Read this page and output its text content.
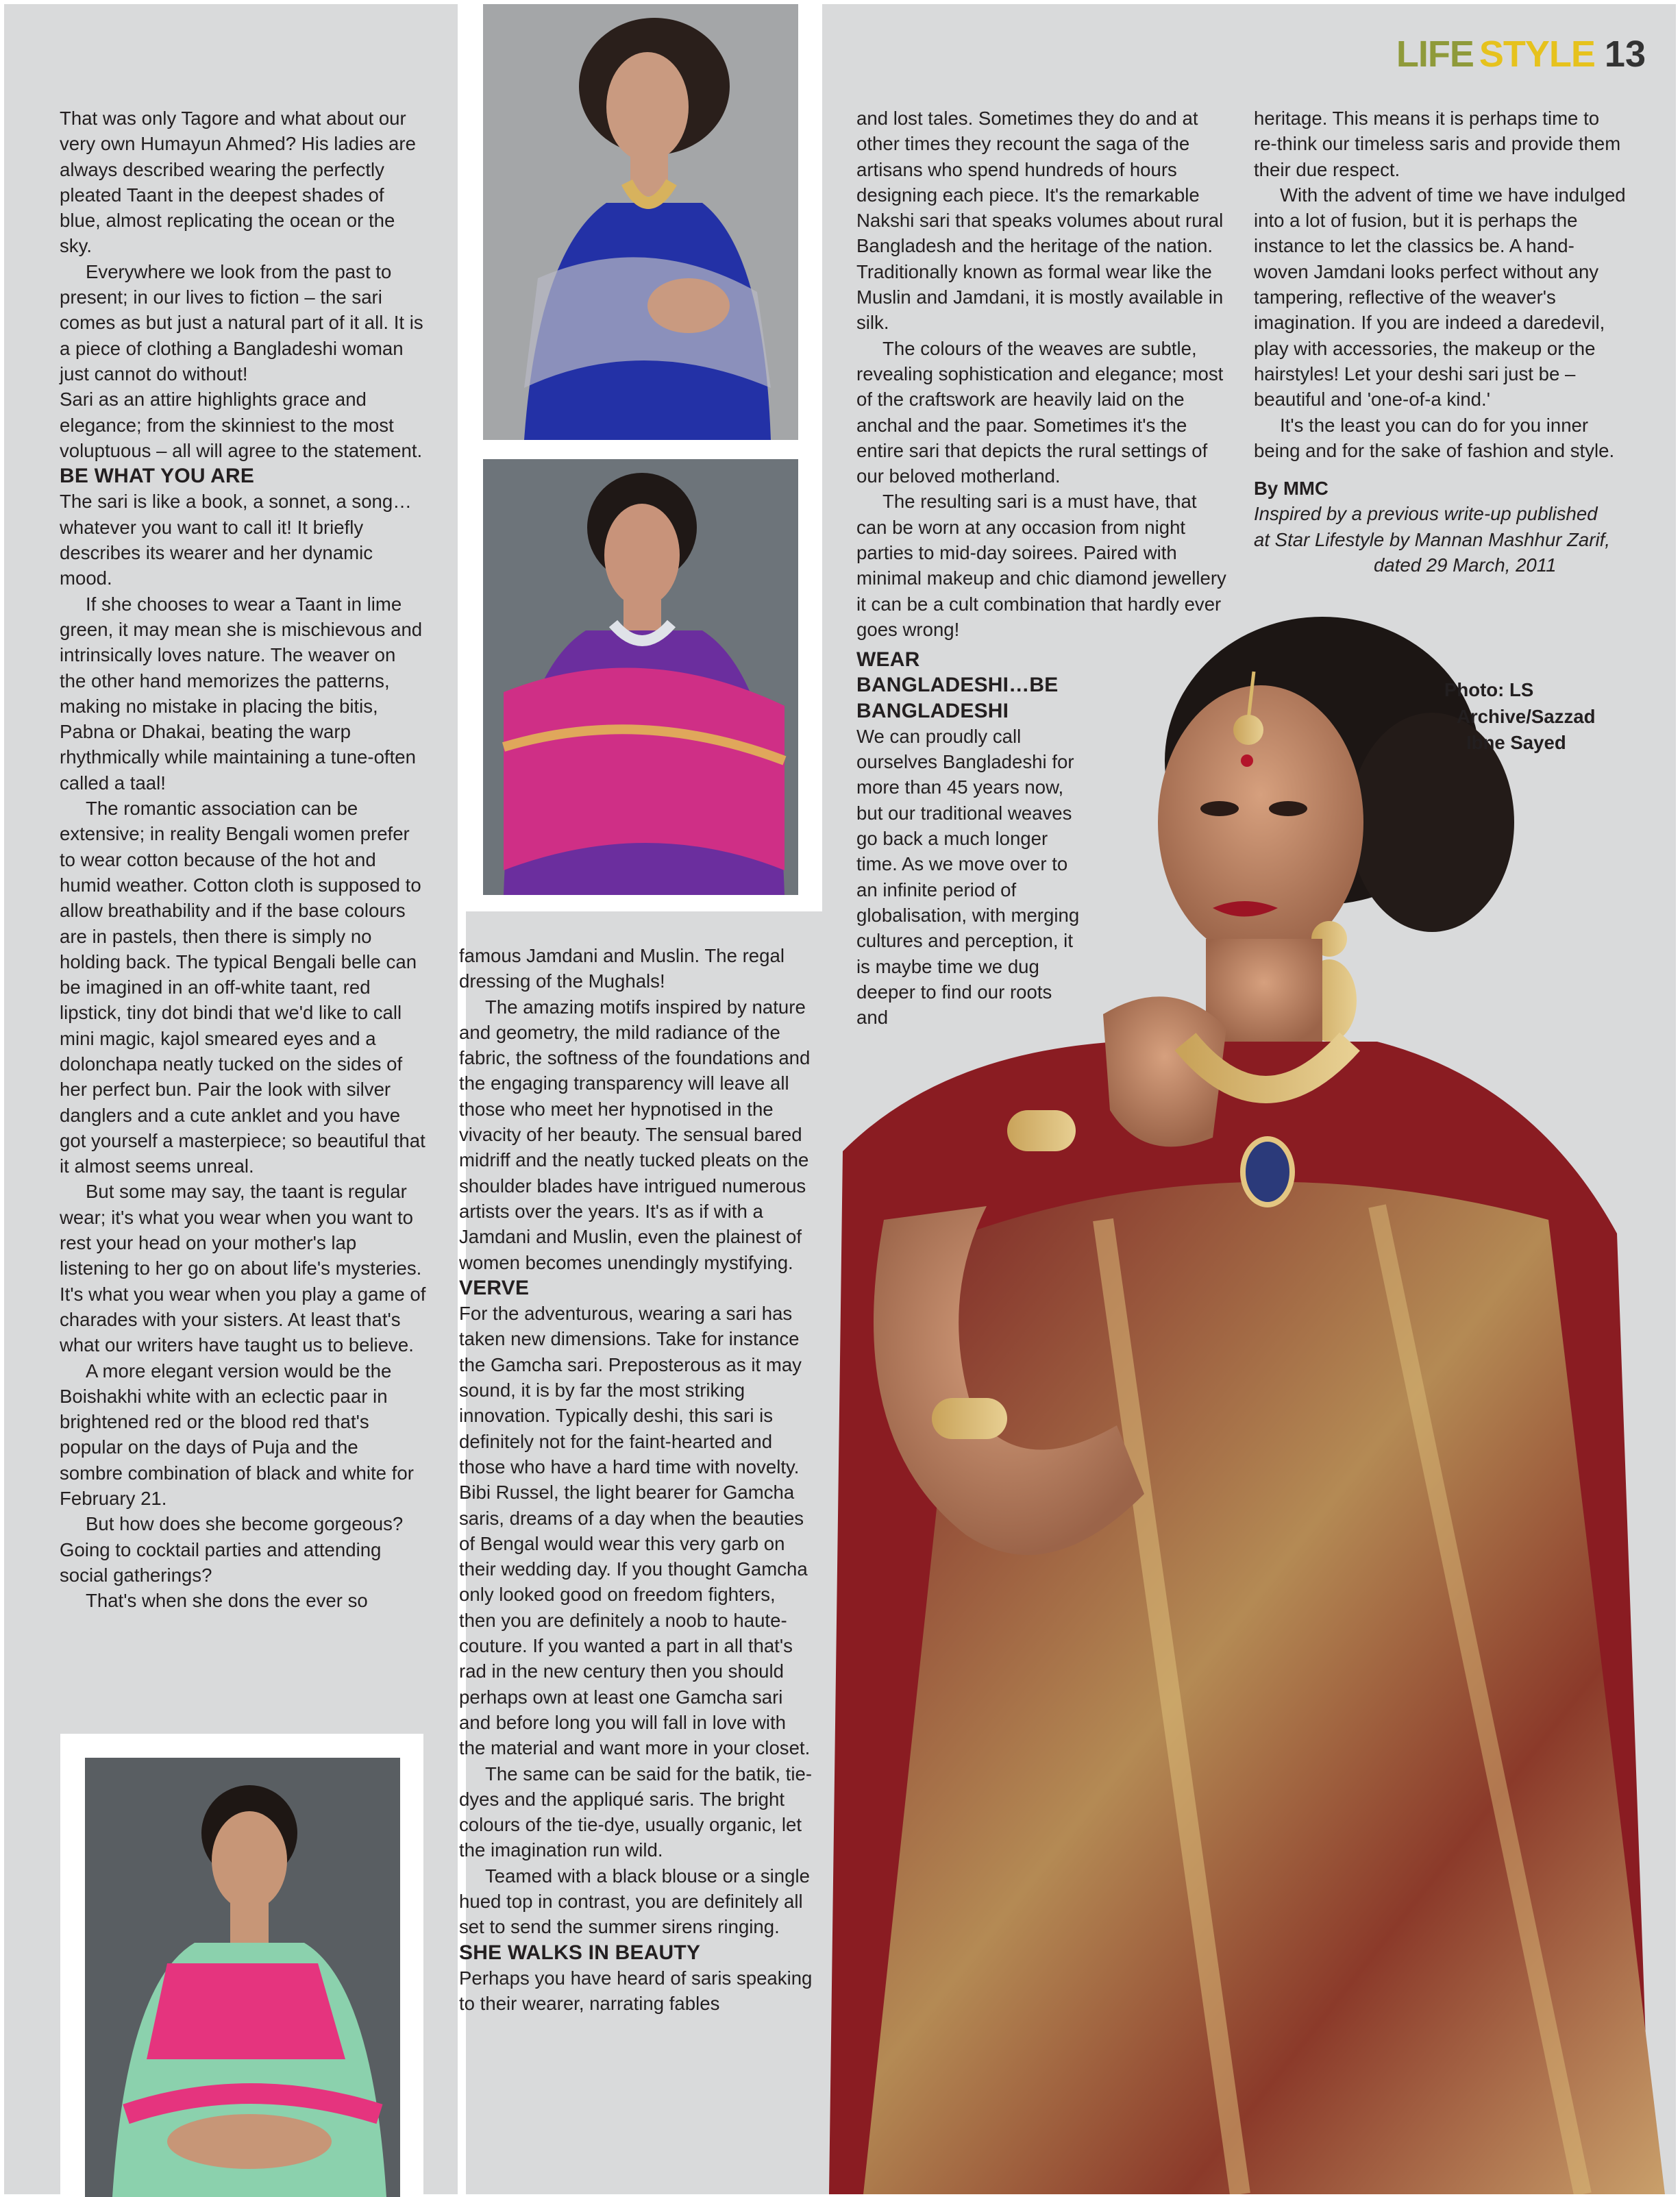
LIFE STYLE 13

That was only Tagore and what about our very own Humayun Ahmed? His ladies are always described wearing the perfectly pleated Taant in the deepest shades of blue, almost replicating the ocean or the sky.

Everywhere we look from the past to present; in our lives to fiction – the sari comes as but just a natural part of it all. It is a piece of clothing a Bangladeshi woman just cannot do without!

Sari as an attire highlights grace and elegance; from the skinniest to the most voluptuous – all will agree to the statement.

BE WHAT YOU ARE

The sari is like a book, a sonnet, a song… whatever you want to call it! It briefly describes its wearer and her dynamic mood.

If she chooses to wear a Taant in lime green, it may mean she is mischievous and intrinsically loves nature. The weaver on the other hand memorizes the patterns, making no mistake in placing the bitis, Pabna or Dhakai, beating the warp rhythmically while maintaining a tune-often called a taal!

The romantic association can be extensive; in reality Bengali women prefer to wear cotton because of the hot and humid weather. Cotton cloth is supposed to allow breathability and if the base colours are in pastels, then there is simply no holding back. The typical Bengali belle can be imagined in an off-white taant, red lipstick, tiny dot bindi that we'd like to call mini magic, kajol smeared eyes and a dolonchapa neatly tucked on the sides of her perfect bun. Pair the look with silver danglers and a cute anklet and you have got yourself a masterpiece; so beautiful that it almost seems unreal.

But some may say, the taant is regular wear; it's what you wear when you want to rest your head on your mother's lap listening to her go on about life's mysteries. It's what you wear when you play a game of charades with your sisters. At least that's what our writers have taught us to believe.

A more elegant version would be the Boishakhi white with an eclectic paar in brightened red or the blood red that's popular on the days of Puja and the sombre combination of black and white for February 21.

But how does she become gorgeous? Going to cocktail parties and attending social gatherings?

That's when she dons the ever so

famous Jamdani and Muslin. The regal dressing of the Mughals!

The amazing motifs inspired by nature and geometry, the mild radiance of the fabric, the softness of the foundations and the engaging transparency will leave all those who meet her hypnotised in the vivacity of her beauty. The sensual bared midriff and the neatly tucked pleats on the shoulder blades have intrigued numerous artists over the years. It's as if with a Jamdani and Muslin, even the plainest of women becomes unendingly mystifying.

VERVE

For the adventurous, wearing a sari has taken new dimensions. Take for instance the Gamcha sari. Preposterous as it may sound, it is by far the most striking innovation. Typically deshi, this sari is definitely not for the faint-hearted and those who have a hard time with novelty. Bibi Russel, the light bearer for Gamcha saris, dreams of a day when the beauties of Bengal would wear this very garb on their wedding day. If you thought Gamcha only looked good on freedom fighters, then you are definitely a noob to haute-couture. If you wanted a part in all that's rad in the new century then you should perhaps own at least one Gamcha sari and before long you will fall in love with the material and want more in your closet.

The same can be said for the batik, tie-dyes and the appliqué saris. The bright colours of the tie-dye, usually organic, let the imagination run wild.

Teamed with a black blouse or a single hued top in contrast, you are definitely all set to send the summer sirens ringing.

SHE WALKS IN BEAUTY

Perhaps you have heard of saris speaking to their wearer, narrating fables

and lost tales. Sometimes they do and at other times they recount the saga of the artisans who spend hundreds of hours designing each piece. It's the remarkable Nakshi sari that speaks volumes about rural Bangladesh and the heritage of the nation. Traditionally known as formal wear like the Muslin and Jamdani, it is mostly available in silk.

The colours of the weaves are subtle, revealing sophistication and elegance; most of the craftswork are heavily laid on the anchal and the paar. Sometimes it's the entire sari that depicts the rural settings of our beloved motherland.

The resulting sari is a must have, that can be worn at any occasion from night parties to mid-day soirees. Paired with minimal makeup and chic diamond jewellery it can be a cult combination that hardly ever goes wrong!

WEAR BANGLADESHI…BE BANGLADESHI

We can proudly call ourselves Bangladeshi for more than 45 years now, but our traditional weaves go back a much longer time. As we move over to an infinite period of globalisation, with merging cultures and perception, it is maybe time we dug deeper to find our roots and

heritage. This means it is perhaps time to re-think our timeless saris and provide them their due respect.

With the advent of time we have indulged into a lot of fusion, but it is perhaps the instance to let the classics be. A hand- woven Jamdani looks perfect without any tampering, reflective of the weaver's imagination. If you are indeed a daredevil, play with accessories, the makeup or the hairstyles! Let your deshi sari just be – beautiful and 'one-of-a kind.'

It's the least you can do for you inner being and for the sake of fashion and style.

By MMC

Inspired by a previous write-up published

at Star Lifestyle by Mannan Mashhur Zarif,

dated 29 March, 2011

Photo: LS
Archive/Sazzad
Ibne Sayed
